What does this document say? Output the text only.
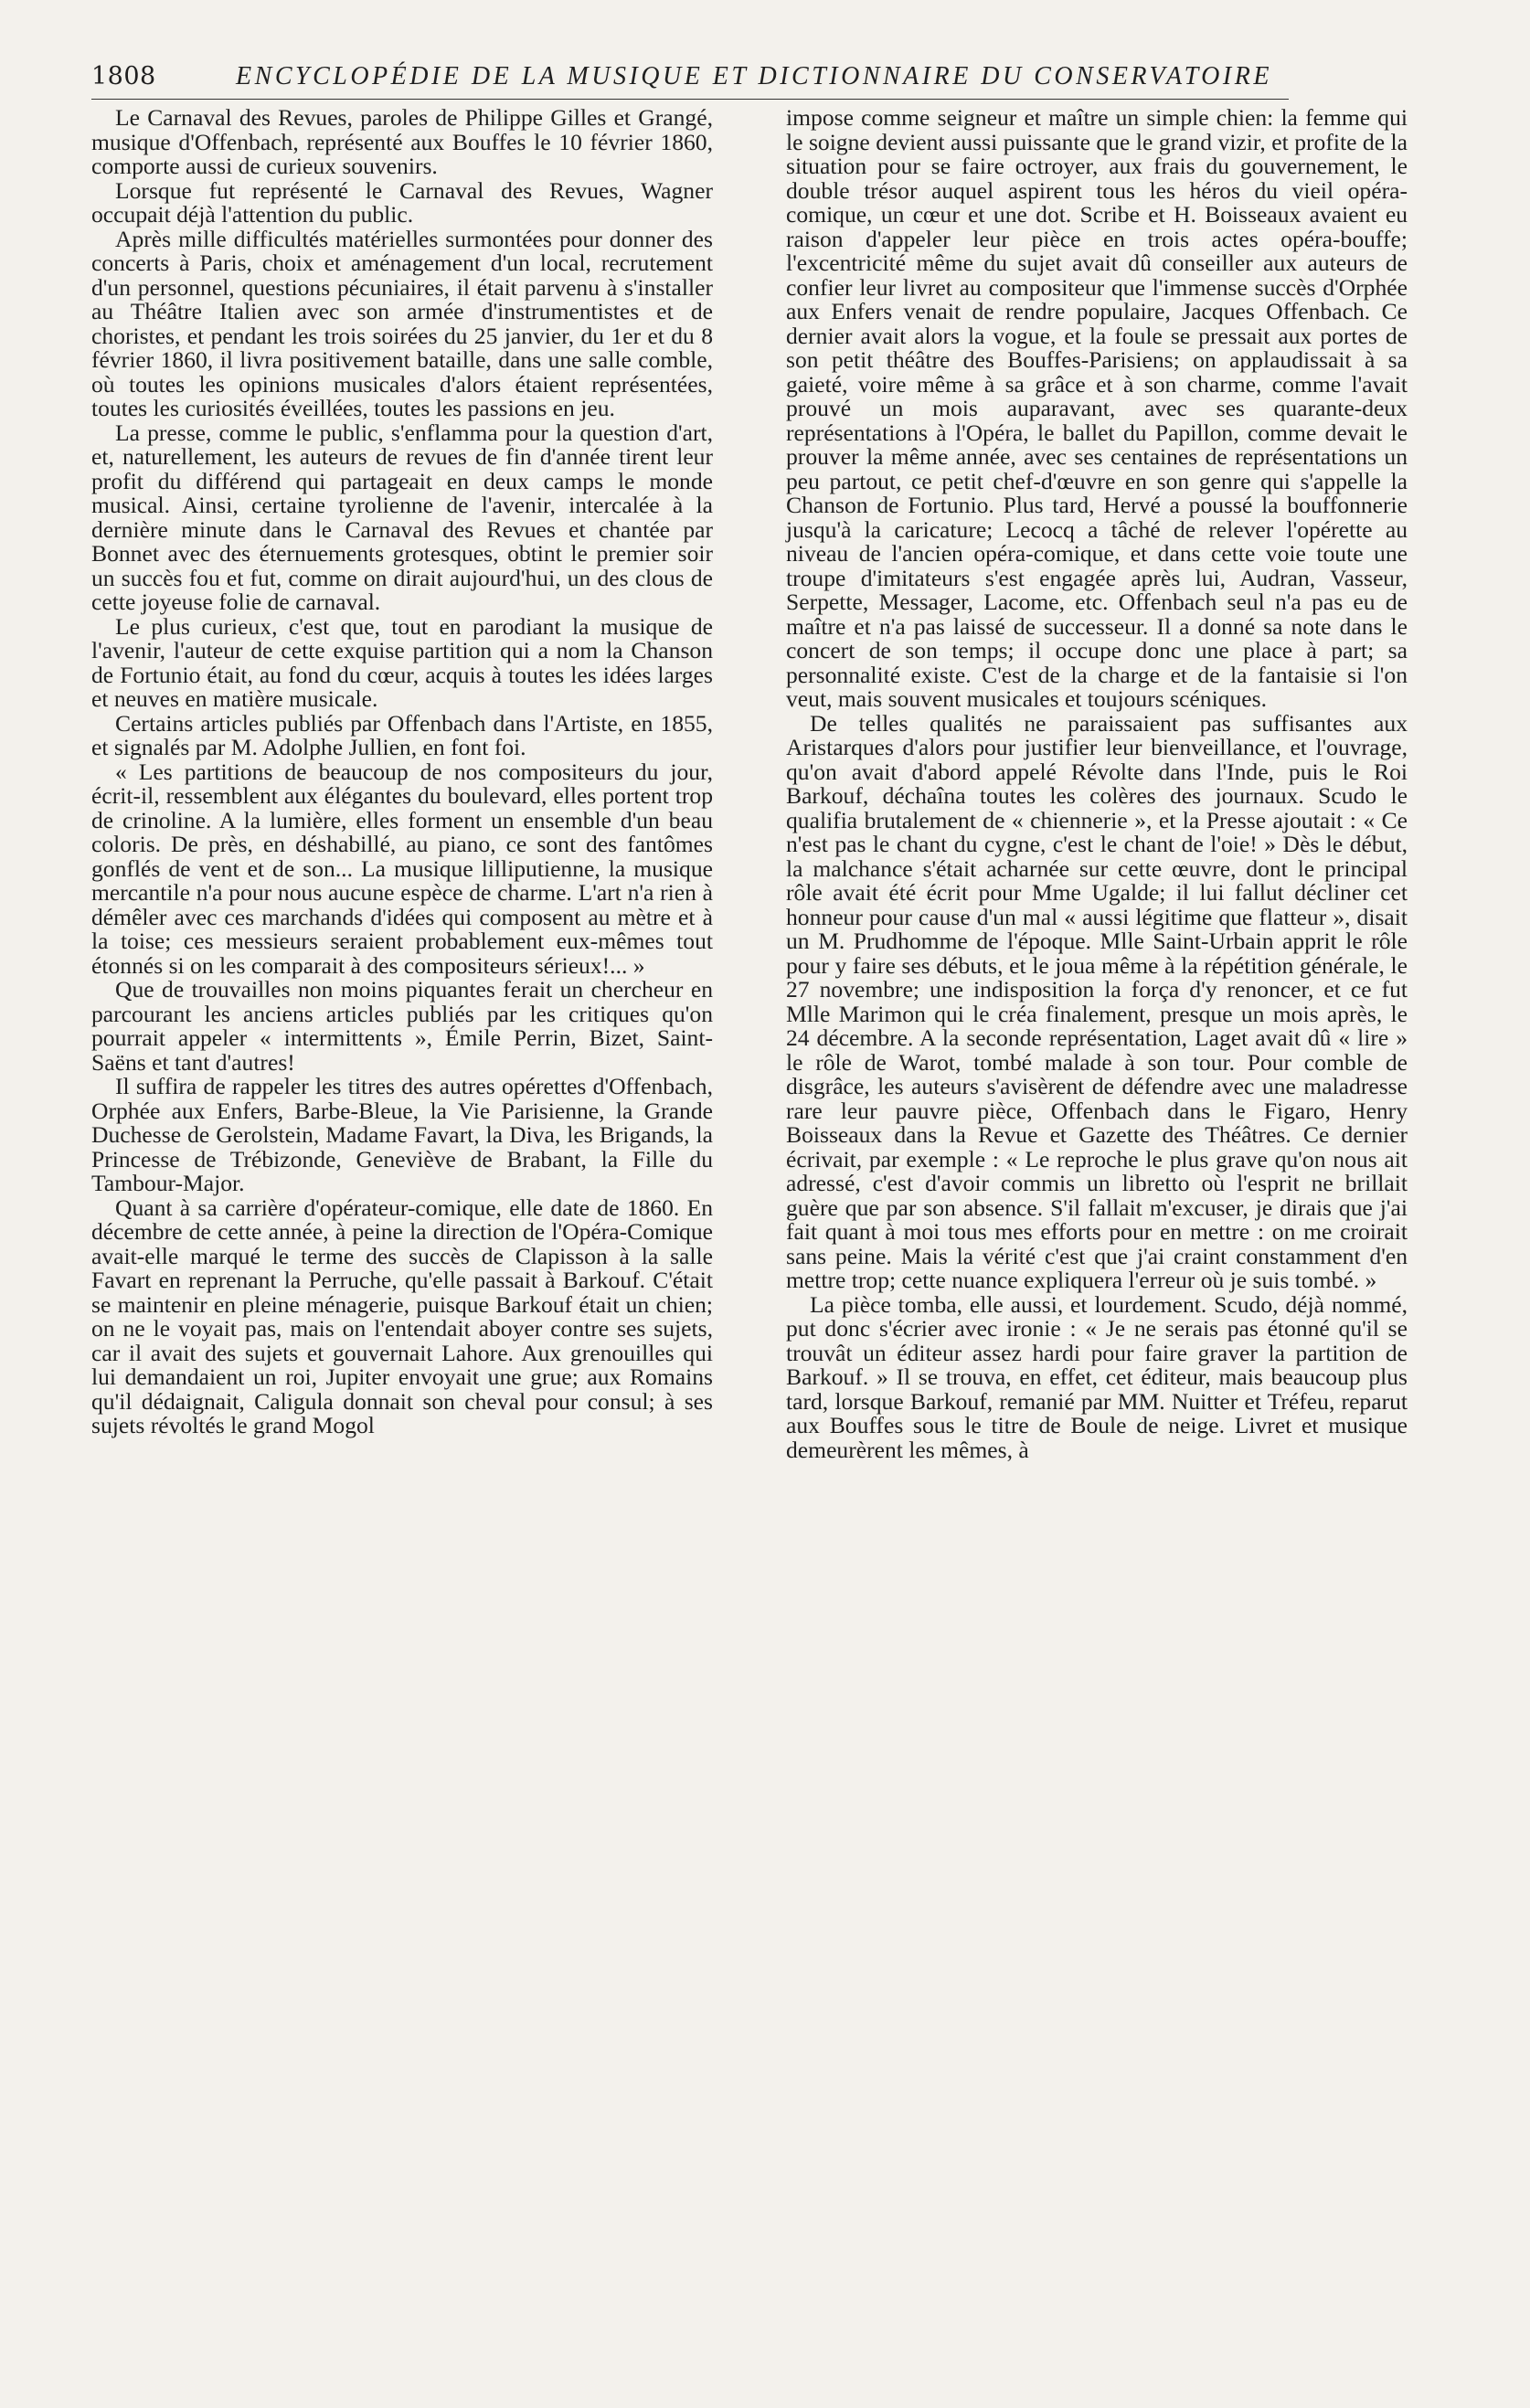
1808	ENCYCLOPÉDIE DE LA MUSIQUE ET DICTIONNAIRE DU CONSERVATOIRE

Le Carnaval des Revues, paroles de Philippe Gilles et Grangé, musique d'Offenbach, représenté aux Bouffes le 10 février 1860, comporte aussi de curieux souvenirs.

Lorsque fut représenté le Carnaval des Revues, Wagner occupait déjà l'attention du public.

Après mille difficultés matérielles surmontées pour donner des concerts à Paris, choix et aménagement d'un local, recrutement d'un personnel, questions pécuniaires, il était parvenu à s'installer au Théâtre Italien avec son armée d'instrumentistes et de choristes, et pendant les trois soirées du 25 janvier, du 1er et du 8 février 1860, il livra positivement bataille, dans une salle comble, où toutes les opinions musicales d'alors étaient représentées, toutes les curiosités éveillées, toutes les passions en jeu.

La presse, comme le public, s'enflamma pour la question d'art, et, naturellement, les auteurs de revues de fin d'année tirent leur profit du différend qui partageait en deux camps le monde musical. Ainsi, certaine tyrolienne de l'avenir, intercalée à la dernière minute dans le Carnaval des Revues et chantée par Bonnet avec des éternuements grotesques, obtint le premier soir un succès fou et fut, comme on dirait aujourd'hui, un des clous de cette joyeuse folie de carnaval.

Le plus curieux, c'est que, tout en parodiant la musique de l'avenir, l'auteur de cette exquise partition qui a nom la Chanson de Fortunio était, au fond du cœur, acquis à toutes les idées larges et neuves en matière musicale.

Certains articles publiés par Offenbach dans l'Artiste, en 1855, et signalés par M. Adolphe Jullien, en font foi.

« Les partitions de beaucoup de nos compositeurs du jour, écrit-il, ressemblent aux élégantes du boulevard, elles portent trop de crinoline. A la lumière, elles forment un ensemble d'un beau coloris. De près, en déshabillé, au piano, ce sont des fantômes gonflés de vent et de son... La musique lilliputienne, la musique mercantile n'a pour nous aucune espèce de charme. L'art n'a rien à démêler avec ces marchands d'idées qui composent au mètre et à la toise; ces messieurs seraient probablement eux-mêmes tout étonnés si on les comparait à des compositeurs sérieux!... »

Que de trouvailles non moins piquantes ferait un chercheur en parcourant les anciens articles publiés par les critiques qu'on pourrait appeler « intermittents », Émile Perrin, Bizet, Saint-Saëns et tant d'autres!

Il suffira de rappeler les titres des autres opérettes d'Offenbach, Orphée aux Enfers, Barbe-Bleue, la Vie Parisienne, la Grande Duchesse de Gerolstein, Madame Favart, la Diva, les Brigands, la Princesse de Trébizonde, Geneviève de Brabant, la Fille du Tambour-Major.

Quant à sa carrière d'opérateur-comique, elle date de 1860. En décembre de cette année, à peine la direction de l'Opéra-Comique avait-elle marqué le terme des succès de Clapisson à la salle Favart en reprenant la Perruche, qu'elle passait à Barkouf. C'était se maintenir en pleine ménagerie, puisque Barkouf était un chien; on ne le voyait pas, mais on l'entendait aboyer contre ses sujets, car il avait des sujets et gouvernait Lahore. Aux grenouilles qui lui demandaient un roi, Jupiter envoyait une grue; aux Romains qu'il dédaignait, Caligula donnait son cheval pour consul; à ses sujets révoltés le grand Mogol

impose comme seigneur et maître un simple chien: la femme qui le soigne devient aussi puissante que le grand vizir, et profite de la situation pour se faire octroyer, aux frais du gouvernement, le double trésor auquel aspirent tous les héros du vieil opéra-comique, un cœur et une dot. Scribe et H. Boisseaux avaient eu raison d'appeler leur pièce en trois actes opéra-bouffe; l'excentricité même du sujet avait dû conseiller aux auteurs de confier leur livret au compositeur que l'immense succès d'Orphée aux Enfers venait de rendre populaire, Jacques Offenbach. Ce dernier avait alors la vogue, et la foule se pressait aux portes de son petit théâtre des Bouffes-Parisiens; on applaudissait à sa gaieté, voire même à sa grâce et à son charme, comme l'avait prouvé un mois auparavant, avec ses quarante-deux représentations à l'Opéra, le ballet du Papillon, comme devait le prouver la même année, avec ses centaines de représentations un peu partout, ce petit chef-d'œuvre en son genre qui s'appelle la Chanson de Fortunio. Plus tard, Hervé a poussé la bouffonnerie jusqu'à la caricature; Lecocq a tâché de relever l'opérette au niveau de l'ancien opéra-comique, et dans cette voie toute une troupe d'imitateurs s'est engagée après lui, Audran, Vasseur, Serpette, Messager, Lacome, etc. Offenbach seul n'a pas eu de maître et n'a pas laissé de successeur. Il a donné sa note dans le concert de son temps; il occupe donc une place à part; sa personnalité existe. C'est de la charge et de la fantaisie si l'on veut, mais souvent musicales et toujours scéniques.

De telles qualités ne paraissaient pas suffisantes aux Aristarques d'alors pour justifier leur bienveillance, et l'ouvrage, qu'on avait d'abord appelé Révolte dans l'Inde, puis le Roi Barkouf, déchaîna toutes les colères des journaux. Scudo le qualifia brutalement de « chiennerie », et la Presse ajoutait : « Ce n'est pas le chant du cygne, c'est le chant de l'oie! » Dès le début, la malchance s'était acharnée sur cette œuvre, dont le principal rôle avait été écrit pour Mme Ugalde; il lui fallut décliner cet honneur pour cause d'un mal « aussi légitime que flatteur », disait un M. Prudhomme de l'époque. Mlle Saint-Urbain apprit le rôle pour y faire ses débuts, et le joua même à la répétition générale, le 27 novembre; une indisposition la força d'y renoncer, et ce fut Mlle Marimon qui le créa finalement, presque un mois après, le 24 décembre. A la seconde représentation, Laget avait dû « lire » le rôle de Warot, tombé malade à son tour. Pour comble de disgrâce, les auteurs s'avisèrent de défendre avec une maladresse rare leur pauvre pièce, Offenbach dans le Figaro, Henry Boisseaux dans la Revue et Gazette des Théâtres. Ce dernier écrivait, par exemple : « Le reproche le plus grave qu'on nous ait adressé, c'est d'avoir commis un libretto où l'esprit ne brillait guère que par son absence. S'il fallait m'excuser, je dirais que j'ai fait quant à moi tous mes efforts pour en mettre : on me croirait sans peine. Mais la vérité c'est que j'ai craint constamment d'en mettre trop; cette nuance expliquera l'erreur où je suis tombé. »

La pièce tomba, elle aussi, et lourdement. Scudo, déjà nommé, put donc s'écrier avec ironie : « Je ne serais pas étonné qu'il se trouvât un éditeur assez hardi pour faire graver la partition de Barkouf. » Il se trouva, en effet, cet éditeur, mais beaucoup plus tard, lorsque Barkouf, remanié par MM. Nuitter et Tréfeu, reparut aux Bouffes sous le titre de Boule de neige. Livret et musique demeurèrent les mêmes, à
